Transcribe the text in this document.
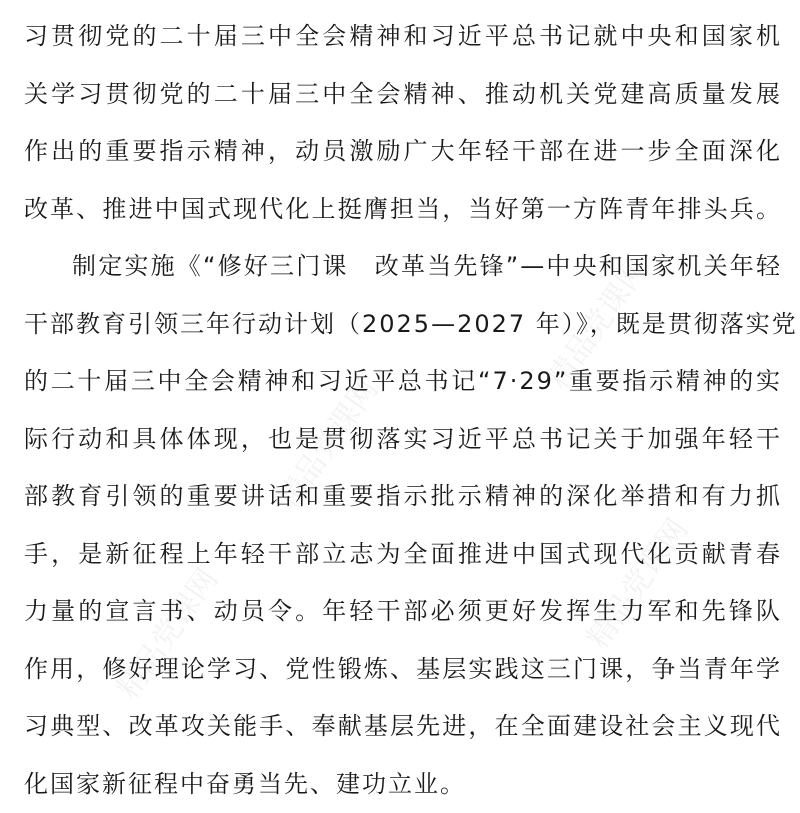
精品党课网
精品党课网
精品党课网	精品党课网
习贯彻党的二十届三中全会精神和习近平总书记就中央和国家机
关学习贯彻党的二十届三中全会精神、推动机关党建高质量发展
作出的重要指示精神，动员激励广大年轻干部在进一步全面深化
改革、推进中国式现代化上挺膺担当，当好第一方阵青年排头兵。
制定实施《“修好三门课　改革当先锋”—中央和国家机关年轻
干部教育引领三年行动计划（2025—2027 年）》，既是贯彻落实党
的二十届三中全会精神和习近平总书记“7·29”重要指示精神的实
际行动和具体体现，也是贯彻落实习近平总书记关于加强年轻干
部教育引领的重要讲话和重要指示批示精神的深化举措和有力抓
手，是新征程上年轻干部立志为全面推进中国式现代化贡献青春
力量的宣言书、动员令。年轻干部必须更好发挥生力军和先锋队
作用，修好理论学习、党性锻炼、基层实践这三门课，争当青年学
习典型、改革攻关能手、奉献基层先进，在全面建设社会主义现代
化国家新征程中奋勇当先、建功立业。
